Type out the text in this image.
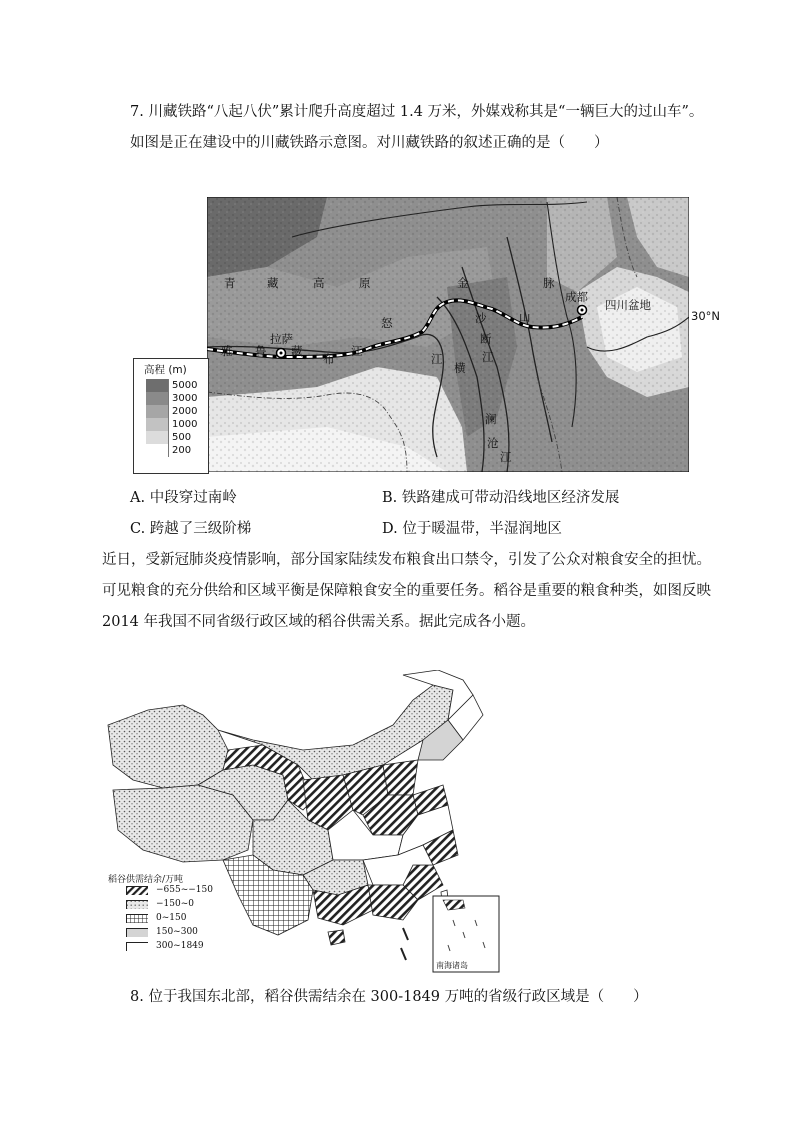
7. 川藏铁路“八起八伏”累计爬升高度超过 1.4 万米，外媒戏称其是“一辆巨大的过山车”。
如图是正在建设中的川藏铁路示意图。对川藏铁路的叙述正确的是（　　）
青	藏	高	原	金	脉
成都
四川盆地
30°N
拉萨
怒	沙	山
雅 鲁 藏
布
江
江
横
断
江
澜
沧
江
高程 (m)
5000
3000
2000
1000
500
200
A. 中段穿过南岭	B. 铁路建成可带动沿线地区经济发展
C. 跨越了三级阶梯	D. 位于暖温带，半湿润地区
近日，受新冠肺炎疫情影响，部分国家陆续发布粮食出口禁令，引发了公众对粮食安全的担忧。
可见粮食的充分供给和区域平衡是保障粮食安全的重要任务。稻谷是重要的粮食种类，如图反映
2014 年我国不同省级行政区域的稻谷供需关系。据此完成各小题。
南海诸岛
稻谷供需结余/万吨
−655~−150
−150~0
0~150
150~300
300~1849
8. 位于我国东北部，稻谷供需结余在 300-1849 万吨的省级行政区域是（　　）
